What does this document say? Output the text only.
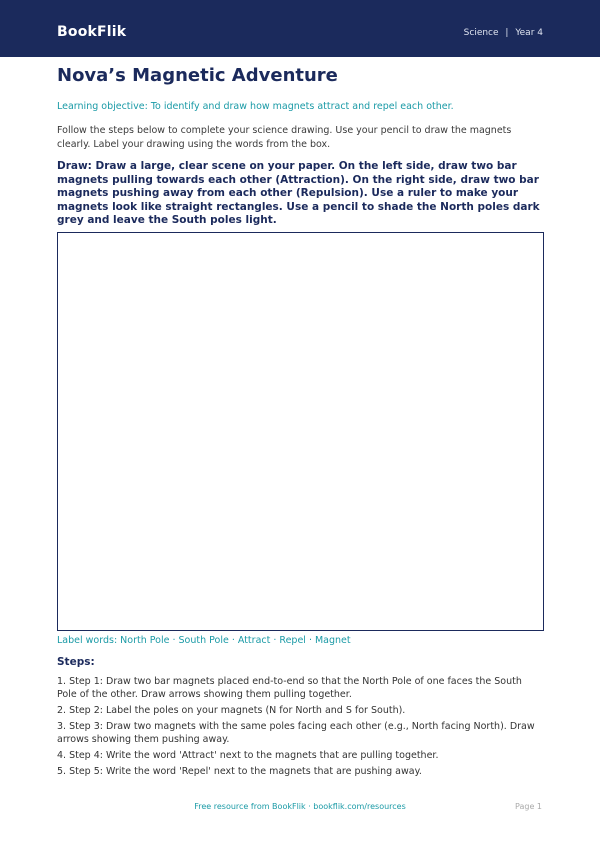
BookFlik	Science | Year 4
Nova’s Magnetic Adventure
Learning objective: To identify and draw how magnets attract and repel each other.
Follow the steps below to complete your science drawing. Use your pencil to draw the magnets clearly. Label your drawing using the words from the box.
Draw: Draw a large, clear scene on your paper. On the left side, draw two bar magnets pulling towards each other (Attraction). On the right side, draw two bar magnets pushing away from each other (Repulsion). Use a ruler to make your magnets look like straight rectangles. Use a pencil to shade the North poles dark grey and leave the South poles light.
Label words: North Pole · South Pole · Attract · Repel · Magnet
Steps:
1. Step 1: Draw two bar magnets placed end-to-end so that the North Pole of one faces the South Pole of the other. Draw arrows showing them pulling together.
2. Step 2: Label the poles on your magnets (N for North and S for South).
3. Step 3: Draw two magnets with the same poles facing each other (e.g., North facing North). Draw arrows showing them pushing away.
4. Step 4: Write the word 'Attract' next to the magnets that are pulling together.
5. Step 5: Write the word 'Repel' next to the magnets that are pushing away.
Free resource from BookFlik · bookflik.com/resources	Page 1
